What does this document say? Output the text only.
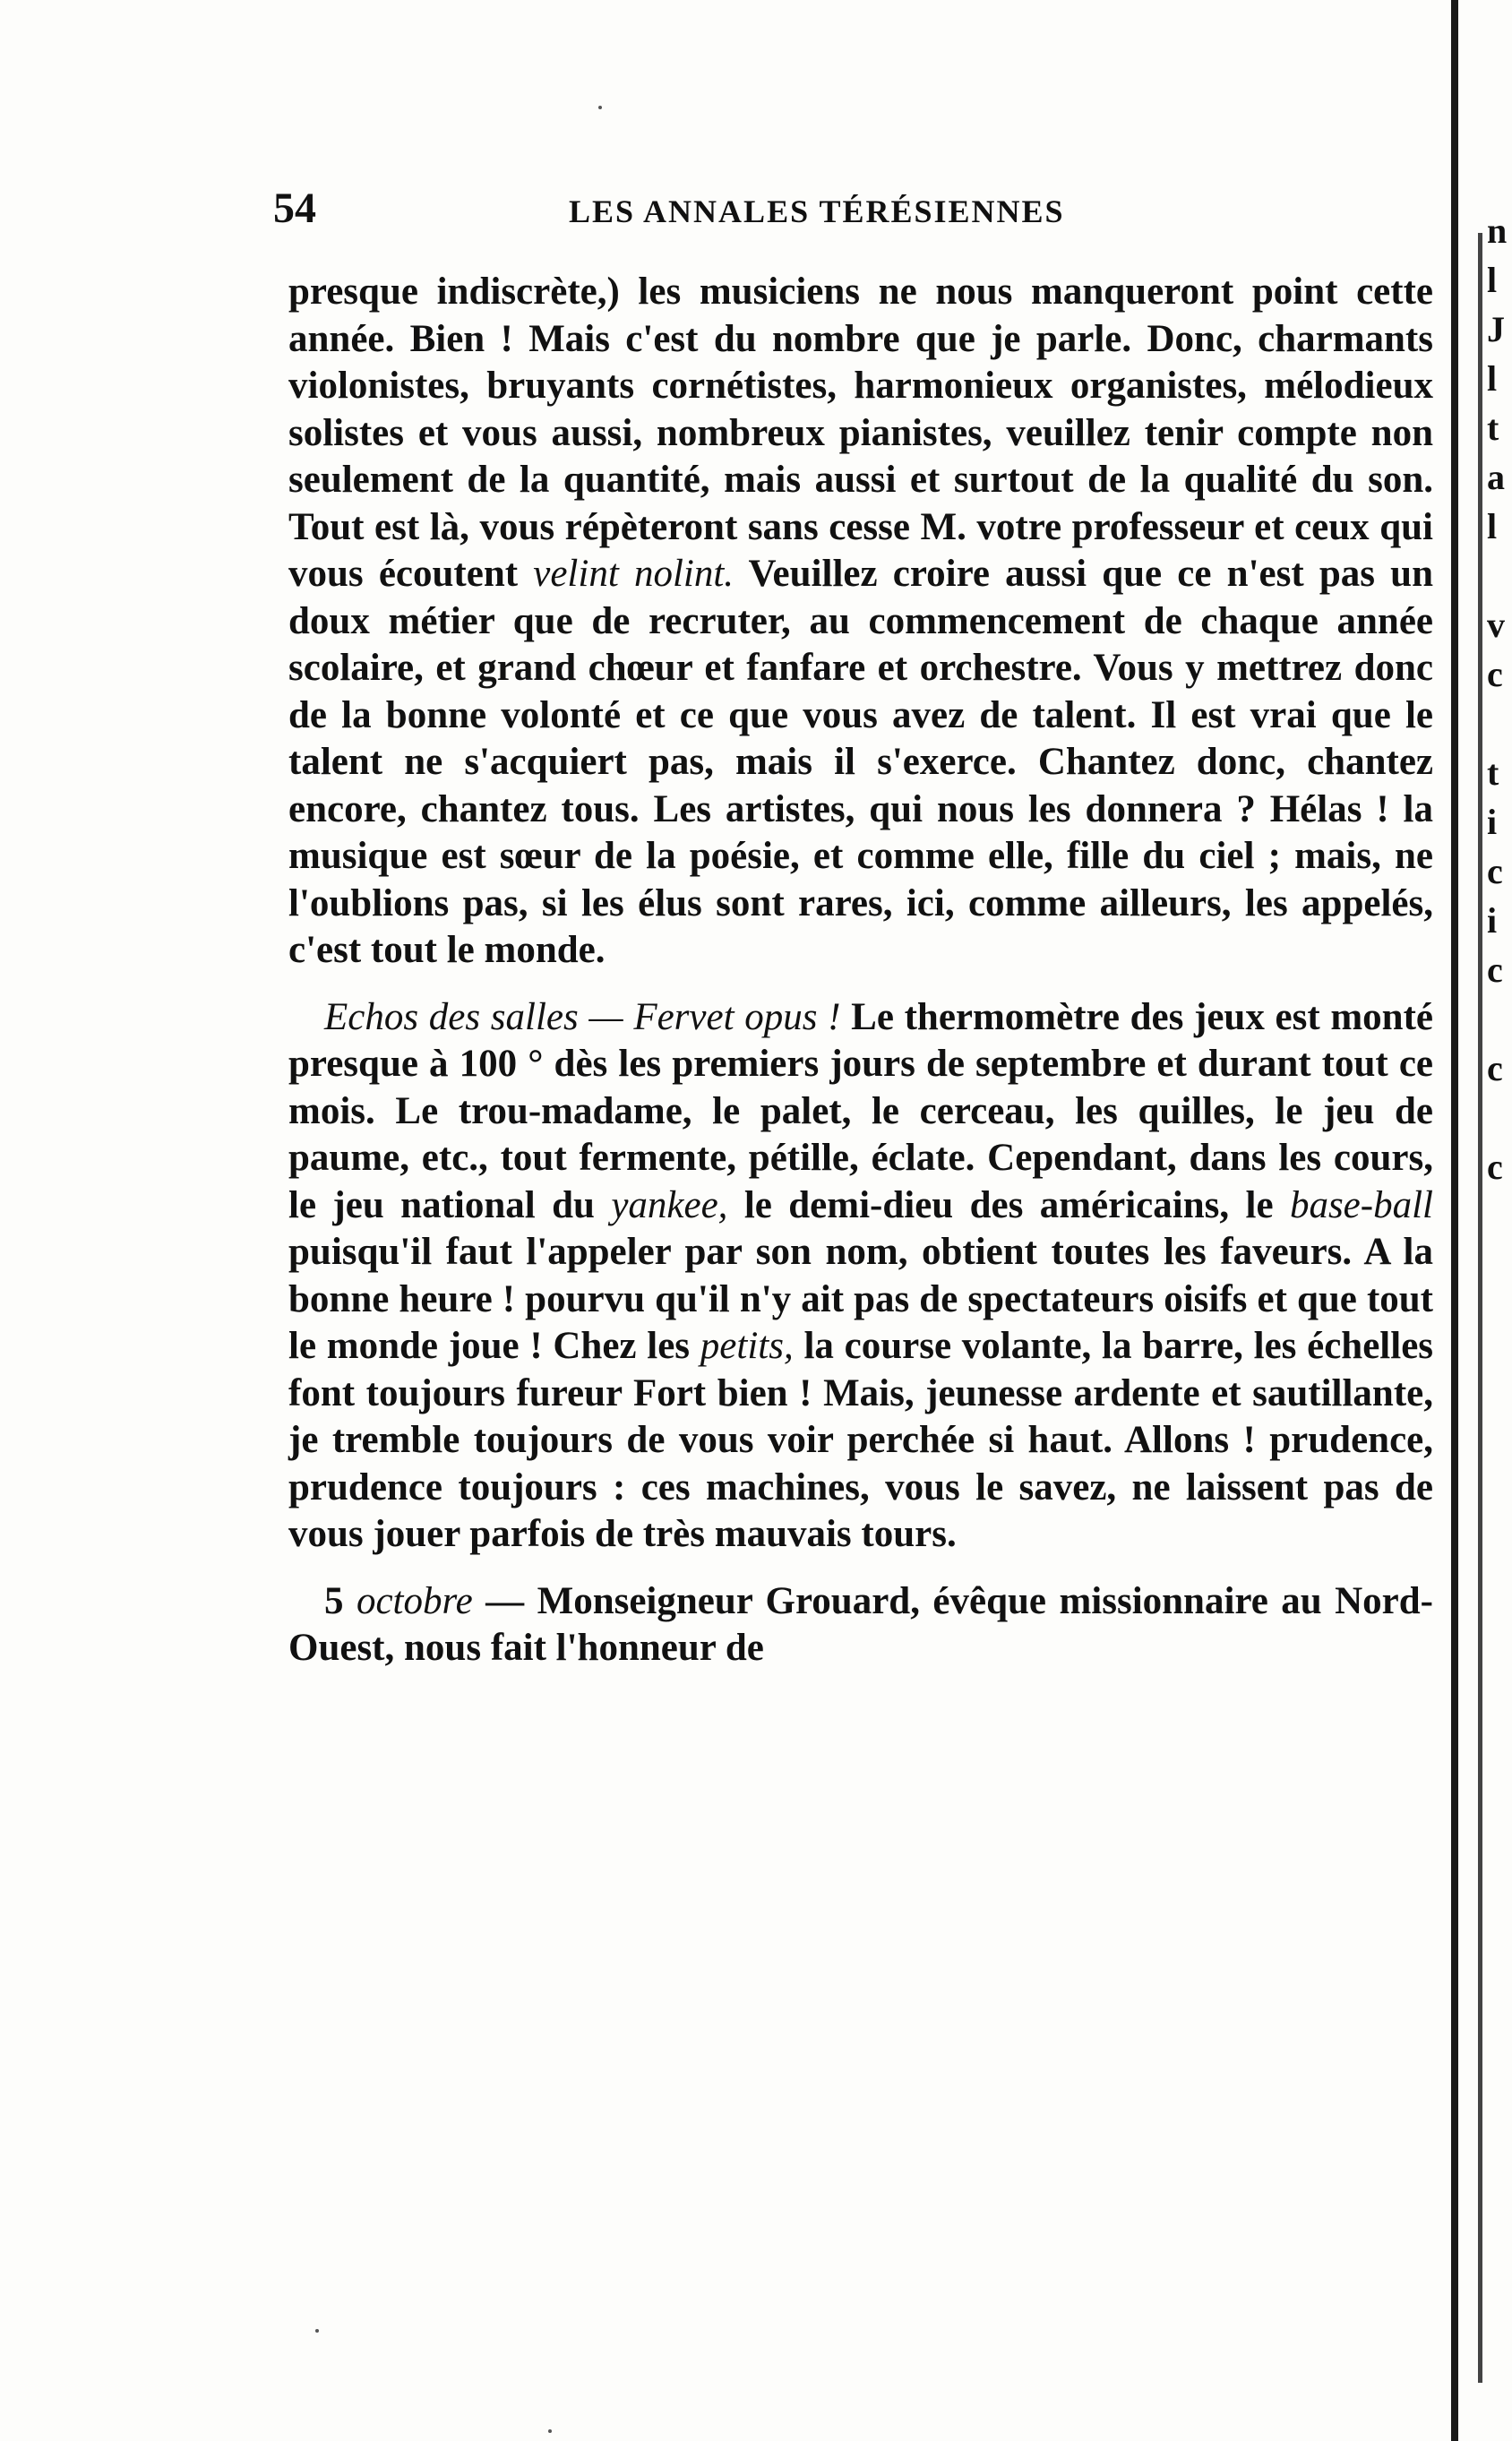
54	LES ANNALES TÉRÉSIENNES

presque indiscrète,) les musiciens ne nous manqueront point cette année. Bien ! Mais c'est du nombre que je parle. Donc, charmants violonistes, bruyants cornétistes, harmonieux organistes, mélodieux solistes et vous aussi, nombreux pianistes, veuillez tenir compte non seulement de la quantité, mais aussi et surtout de la qualité du son. Tout est là, vous répèteront sans cesse M. votre professeur et ceux qui vous écoutent velint nolint. Veuillez croire aussi que ce n'est pas un doux métier que de recruter, au commencement de chaque année scolaire, et grand chœur et fanfare et orchestre. Vous y mettrez donc de la bonne volonté et ce que vous avez de talent. Il est vrai que le talent ne s'acquiert pas, mais il s'exerce. Chantez donc, chantez encore, chantez tous. Les artistes, qui nous les donnera ? Hélas ! la musique est sœur de la poésie, et comme elle, fille du ciel ; mais, ne l'oublions pas, si les élus sont rares, ici, comme ailleurs, les appelés, c'est tout le monde.

Echos des salles — Fervet opus ! Le thermomètre des jeux est monté presque à 100 ° dès les premiers jours de septembre et durant tout ce mois. Le trou-madame, le palet, le cerceau, les quilles, le jeu de paume, etc., tout fermente, pétille, éclate. Cependant, dans les cours, le jeu national du yankee, le demi-dieu des américains, le base-ball puisqu'il faut l'appeler par son nom, obtient toutes les faveurs. A la bonne heure ! pourvu qu'il n'y ait pas de spectateurs oisifs et que tout le monde joue ! Chez les petits, la course volante, la barre, les échelles font toujours fureur Fort bien ! Mais, jeunesse ardente et sautillante, je tremble toujours de vous voir perchée si haut. Allons ! prudence, prudence toujours : ces machines, vous le savez, ne laissent pas de vous jouer parfois de très mauvais tours.

5 octobre — Monseigneur Grouard, évêque missionnaire au Nord-Ouest, nous fait l'honneur de

n
l
J
l
t
a
l

v
c

t
i
c
i
c

c

c
